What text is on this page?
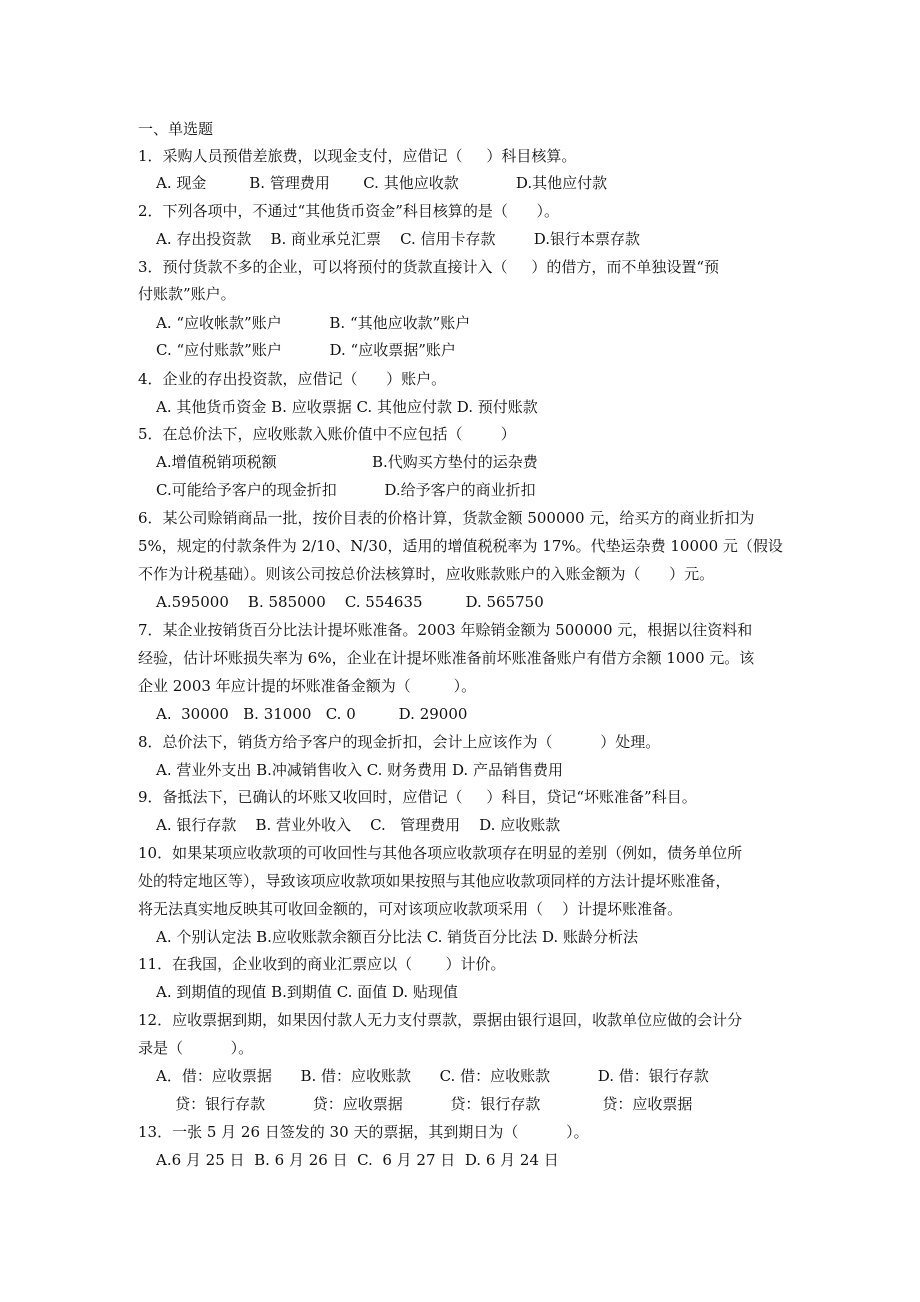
一、单选题
1．采购人员预借差旅费，以现金支付，应借记（     ）科目核算。
A. 现金         B. 管理费用       C. 其他应收款            D.其他应付款
2．下列各项中，不通过“其他货币资金”科目核算的是（      ）。
A. 存出投资款    B. 商业承兑汇票    C. 信用卡存款        D.银行本票存款
3．预付货款不多的企业，可以将预付的货款直接计入（     ）的借方，而不单独设置“预
付账款”账户。
A. “应收帐款”账户          B. “其他应收款”账户
C. “应付账款”账户          D. “应收票据”账户
4．企业的存出投资款，应借记（      ）账户。
A. 其他货币资金 B. 应收票据 C. 其他应付款 D. 预付账款
5．在总价法下，应收账款入账价值中不应包括（        ）
A.增值税销项税额                    B.代购买方垫付的运杂费
C.可能给予客户的现金折扣          D.给予客户的商业折扣
6．某公司赊销商品一批，按价目表的价格计算，货款金额 500000 元，给买方的商业折扣为
5%，规定的付款条件为 2/10、N/30，适用的增值税税率为 17%。代垫运杂费 10000 元（假设
不作为计税基础）。则该公司按总价法核算时，应收账款账户的入账金额为（      ）元。
A.595000    B. 585000    C. 554635         D. 565750
7．某企业按销货百分比法计提坏账准备。2003 年赊销金额为 500000 元，根据以往资料和
经验，估计坏账损失率为 6%，企业在计提坏账准备前坏账准备账户有借方余额 1000 元。该
企业 2003 年应计提的坏账准备金额为（         ）。
A.  30000   B. 31000   C. 0         D. 29000
8．总价法下，销货方给予客户的现金折扣，会计上应该作为（          ）处理。
A. 营业外支出 B.冲减销售收入 C. 财务费用 D. 产品销售费用
9．备抵法下，已确认的坏账又收回时，应借记（     ）科目，贷记“坏账准备”科目。
A. 银行存款    B. 营业外收入    C.   管理费用    D. 应收账款
10．如果某项应收款项的可收回性与其他各项应收款项存在明显的差别（例如，债务单位所
处的特定地区等），导致该项应收款项如果按照与其他应收款项同样的方法计提坏账准备，
将无法真实地反映其可收回金额的，可对该项应收款项采用（    ）计提坏账准备。
A. 个别认定法 B.应收账款余额百分比法 C. 销货百分比法 D. 账龄分析法
11．在我国，企业收到的商业汇票应以（       ）计价。
A. 到期值的现值 B.到期值 C. 面值 D. 贴现值
12．应收票据到期，如果因付款人无力支付票款，票据由银行退回，收款单位应做的会计分
录是（          ）。
A．借：应收票据      B. 借：应收账款      C. 借：应收账款          D. 借：银行存款
贷：银行存款          贷：应收票据          贷：银行存款             贷：应收票据
13．一张 5 月 26 日签发的 30 天的票据，其到期日为（          ）。
A.6 月 25 日  B. 6 月 26 日  C.  6 月 27 日  D. 6 月 24 日
